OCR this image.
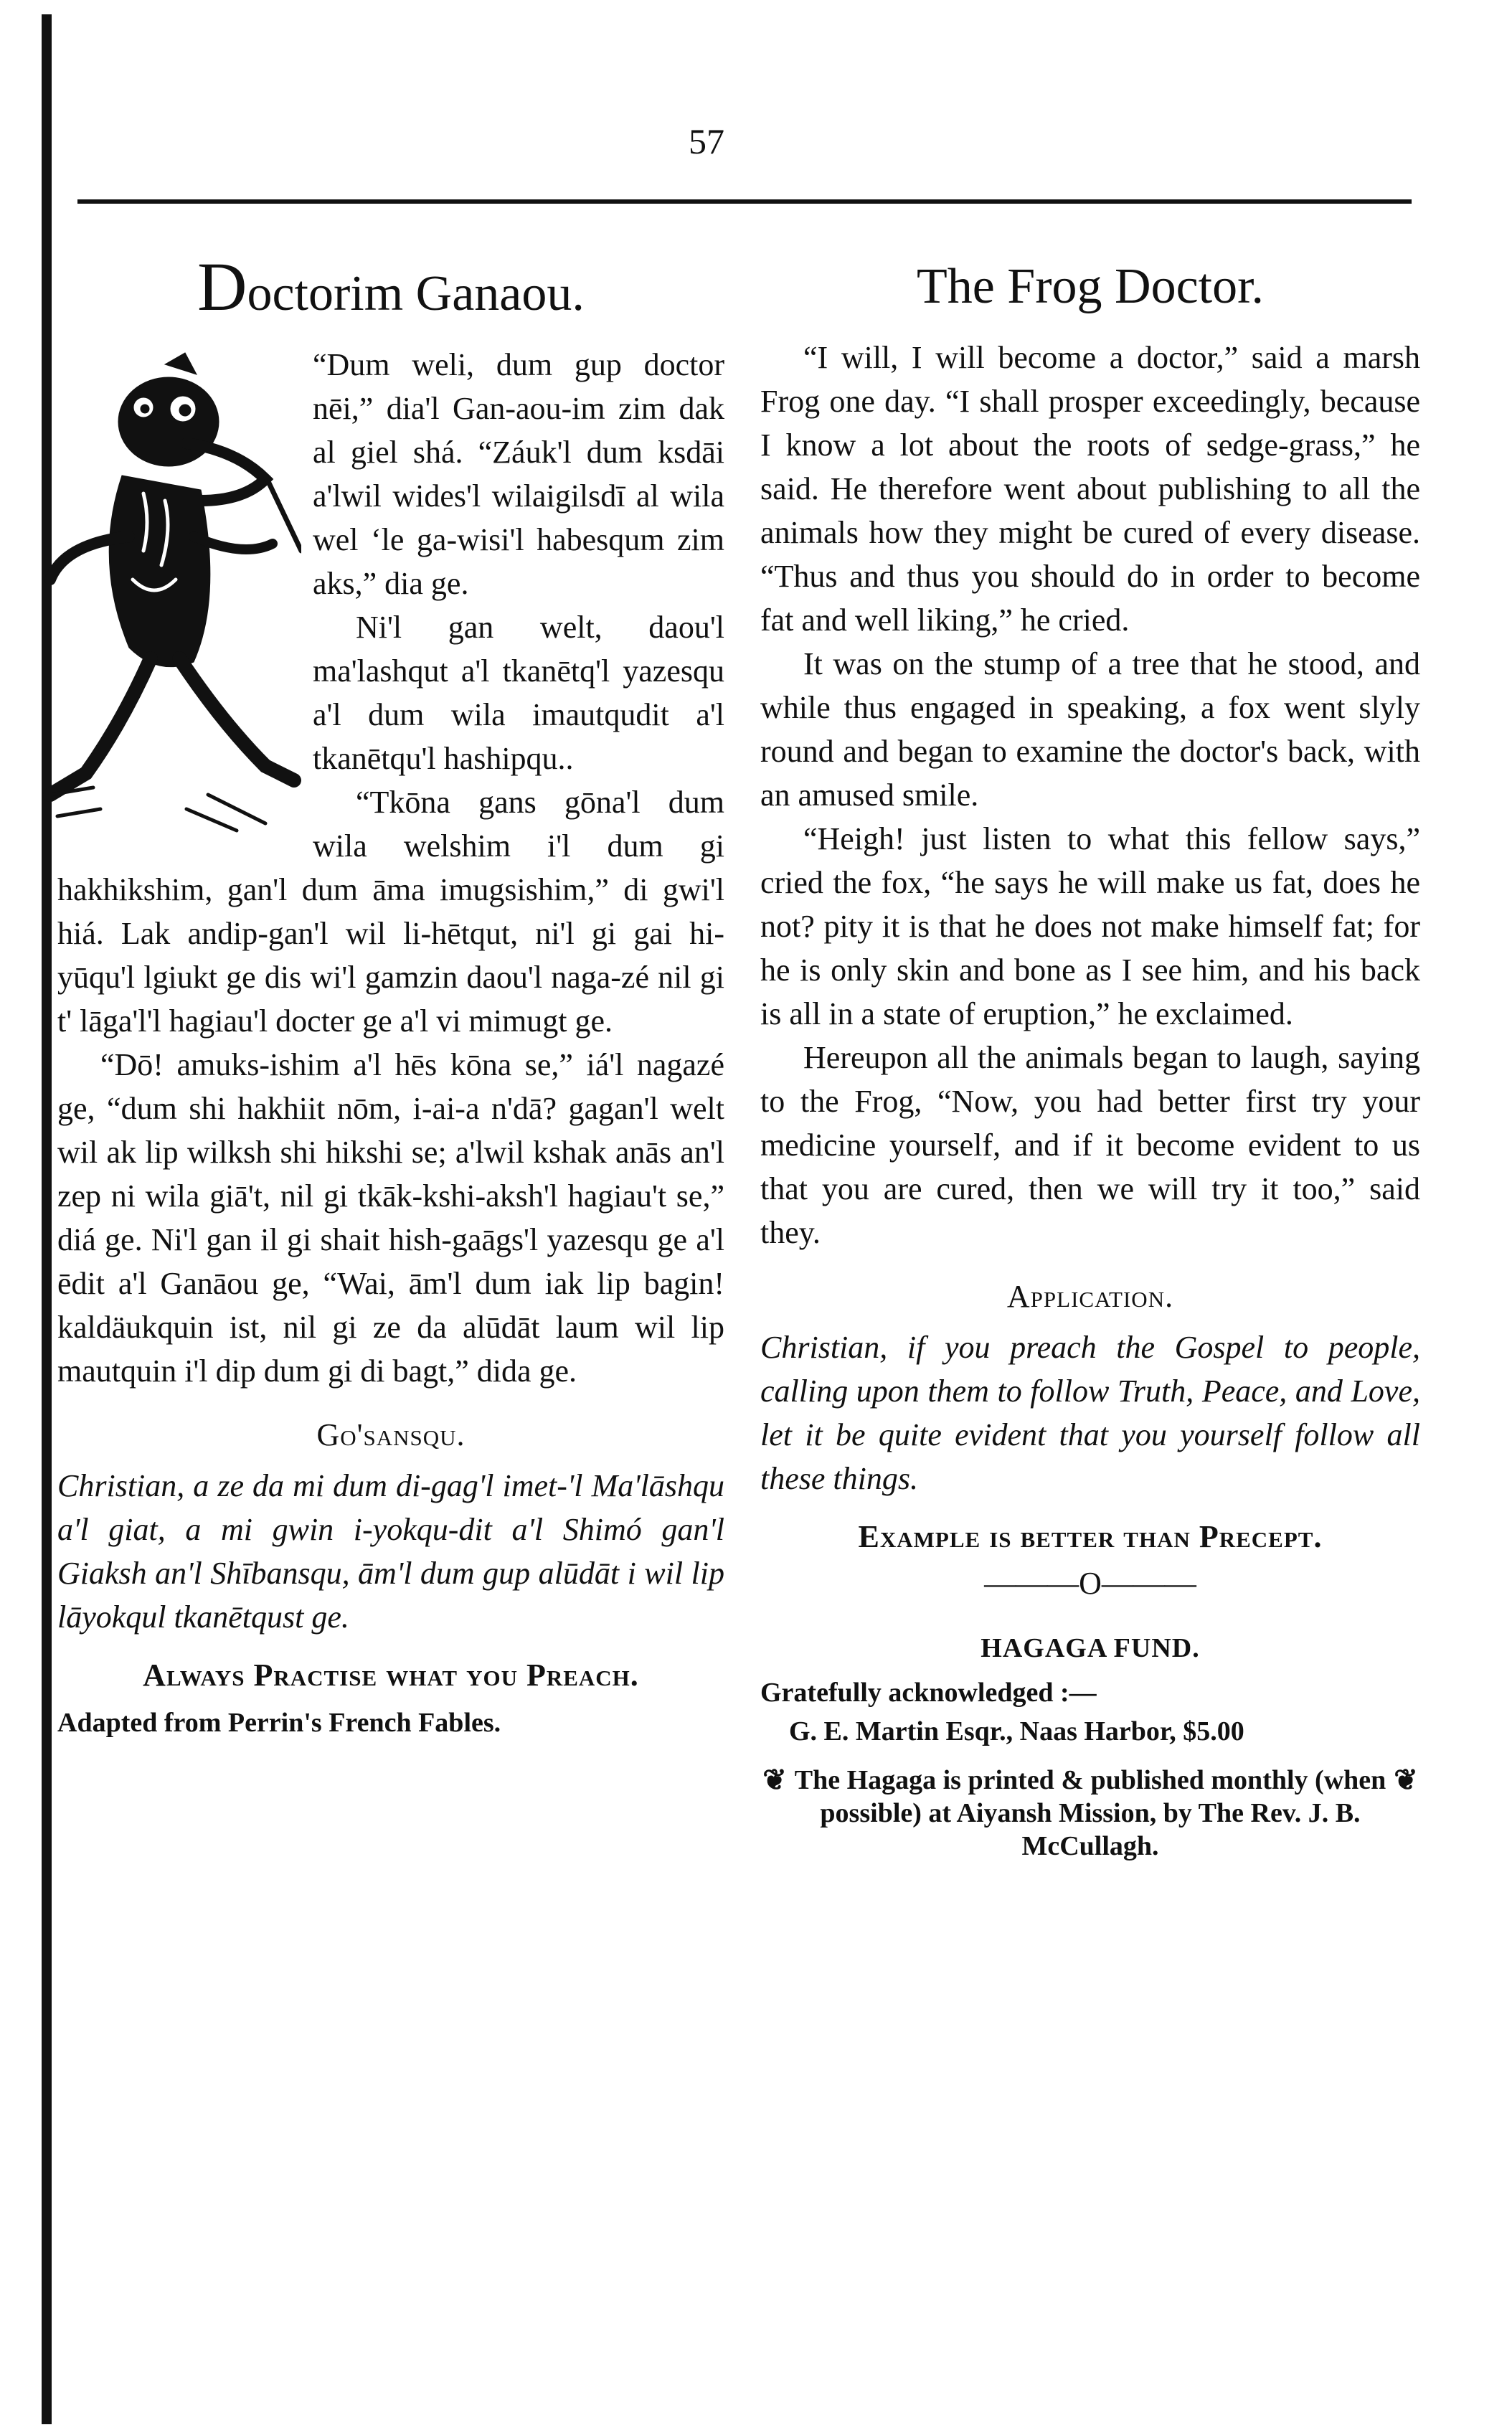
57
Doctorim Ganaou.

“Dum weli, dum gup doctor nēi,” dia'l Gan-aou-im zim dak al giel shá. “Záuk'l dum ksdāi a'lwil wides'l wilaigilsdī al wila wel ‘le ga-wisi'l habesqum zim aks,” dia ge.

Ni'l gan welt, daou'l ma'lashqut a'l tkanētq'l yazesqu a'l dum wila imautqudit a'l tkanētqu'l hashipqu..

“Tkōna gans gōna'l dum wila welshim i'l dum gi hakhikshim, gan'l dum āma imugsishim,” di gwi'l hiá. Lak andip-gan'l wil li-hētqut, ni'l gi gai hi-yūqu'l lgiukt ge dis wi'l gamzin daou'l naga-zé nil gi t' lāga'l'l hagiau'l docter ge a'l vi mimugt ge.

“Dō! amuks-ishim a'l hēs kōna se,” iá'l nagazé ge, “dum shi hakhiit nōm, i-ai-a n'dā? gagan'l welt wil ak lip wilksh shi hikshi se; a'lwil kshak anās an'l zep ni wila giā't, nil gi tkāk-kshi-aksh'l hagiau't se,” diá ge. Ni'l gan il gi shait hish-gaāgs'l yazesqu ge a'l ēdit a'l Ganāou ge, “Wai, ām'l dum iak lip bagin! kaldäukquin ist, nil gi ze da alūdāt laum wil lip mautquin i'l dip dum gi di bagt,” dida ge.

Go'sansqu.

Christian, a ze da mi dum di-gag'l imet-'l Ma'lāshqu a'l giat, a mi gwin i-yokqu-dit a'l Shimó gan'l Giaksh an'l Shībansqu, ām'l dum gup alūdāt i wil lip lāyokqul tkanētqust ge.

Always Practise what you Preach.
Adapted from Perrin's French Fables.
The Frog Doctor.

“I will, I will become a doctor,” said a marsh Frog one day. “I shall prosper exceedingly, because I know a lot about the roots of sedge-grass,” he said. He therefore went about publishing to all the animals how they might be cured of every disease. “Thus and thus you should do in order to become fat and well liking,” he cried.

It was on the stump of a tree that he stood, and while thus engaged in speaking, a fox went slyly round and began to examine the doctor's back, with an amused smile.

“Heigh! just listen to what this fellow says,” cried the fox, “he says he will make us fat, does he not? pity it is that he does not make himself fat; for he is only skin and bone as I see him, and his back is all in a state of eruption,” he exclaimed.

Hereupon all the animals began to laugh, saying to the Frog, “Now, you had better first try your medicine yourself, and if it become evident to us that you are cured, then we will try it too,” said they.

Application.

Christian, if you preach the Gospel to people, calling upon them to follow Truth, Peace, and Love, let it be quite evident that you yourself follow all these things.

Example is better than Precept.
———O———
HAGAGA FUND.
Gratefully acknowledged :—
G. E. Martin Esqr., Naas Harbor, $5.00
❦ The Hagaga is printed & published monthly (when possible) at Aiyansh Mission, by The Rev. J. B. McCullagh.
❦
